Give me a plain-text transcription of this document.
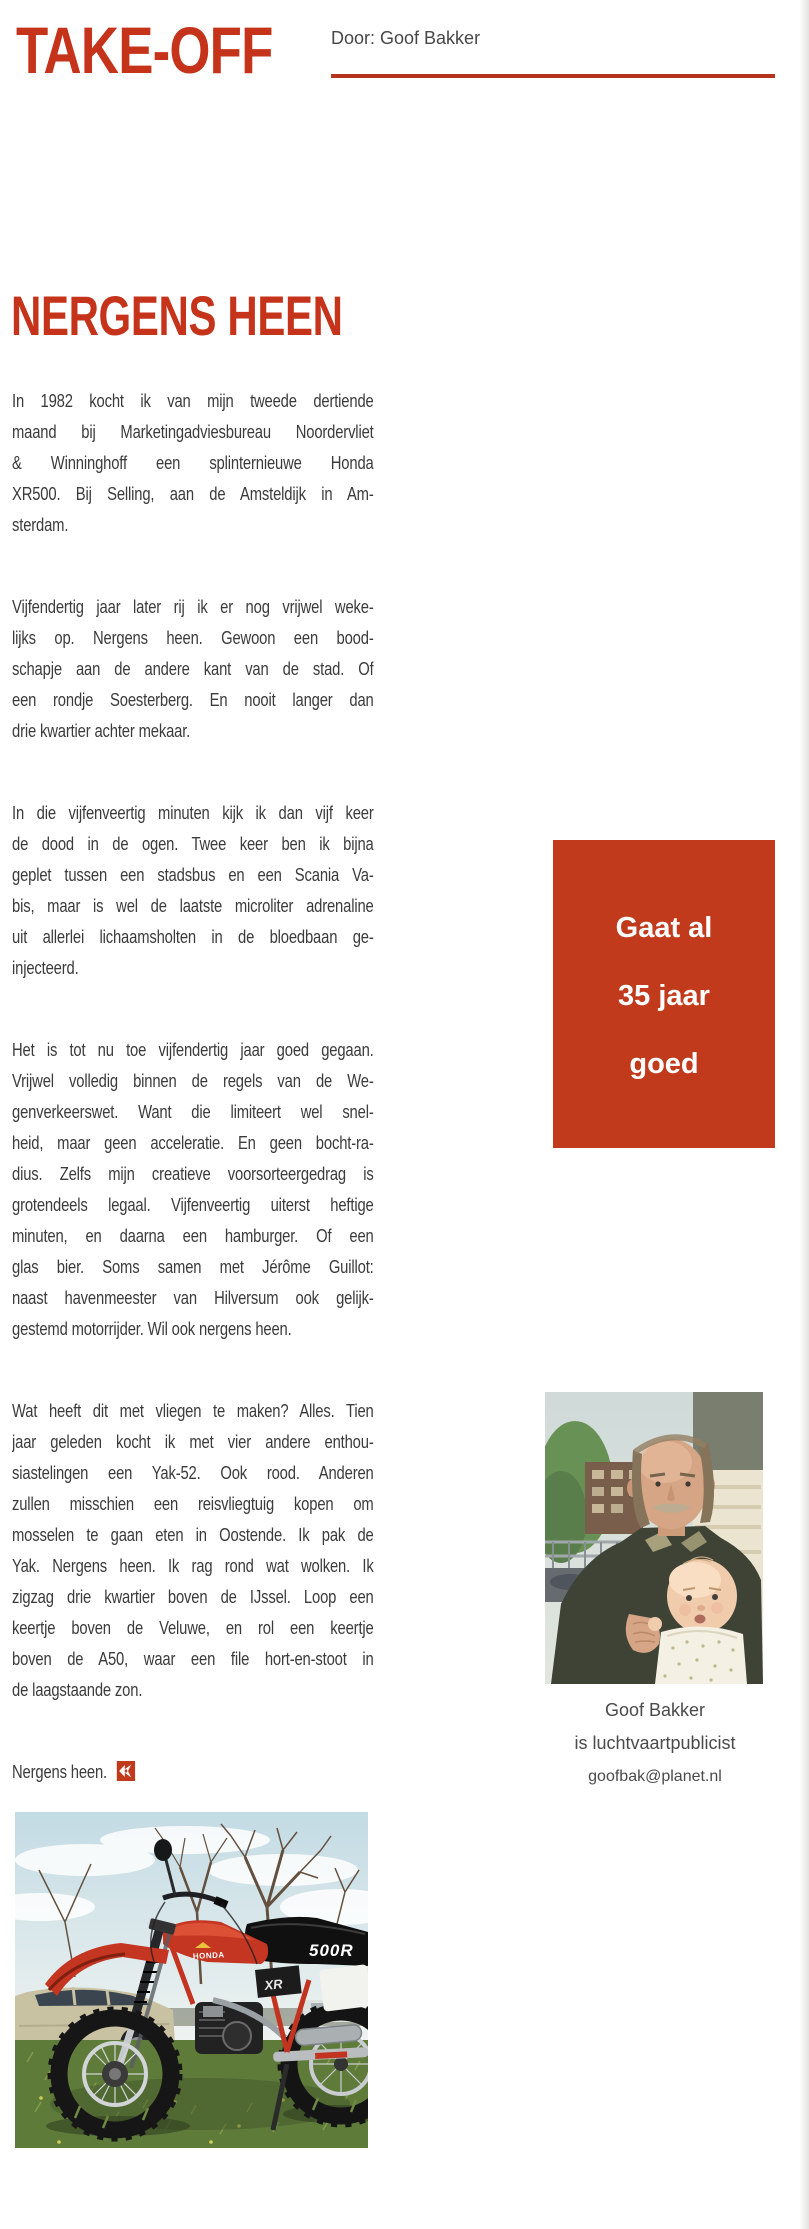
TAKE-OFF	Door: Goof Bakker
NERGENS HEEN
In 1982 kocht ik van mijn tweede dertiende
maand bij Marketingadviesbureau Noordervliet
& Winninghoff een splinternieuwe Honda
XR500. Bij Selling, aan de Amsteldijk in Am-
sterdam.
Vijfendertig jaar later rij ik er nog vrijwel weke-
lijks op. Nergens heen. Gewoon een bood-
schapje aan de andere kant van de stad. Of
een rondje Soesterberg. En nooit langer dan
drie kwartier achter mekaar.
In die vijfenveertig minuten kijk ik dan vijf keer
de dood in de ogen. Twee keer ben ik bijna
geplet tussen een stadsbus en een Scania Va-
bis, maar is wel de laatste microliter adrenaline
uit allerlei lichaamsholten in de bloedbaan ge-
injecteerd.
Het is tot nu toe vijfendertig jaar goed gegaan.
Vrijwel volledig binnen de regels van de We-
genverkeerswet. Want die limiteert wel snel-
heid, maar geen acceleratie. En geen bocht-ra-
dius. Zelfs mijn creatieve voorsorteergedrag is
grotendeels legaal. Vijfenveertig uiterst heftige
minuten, en daarna een hamburger. Of een
glas bier. Soms samen met Jérôme Guillot:
naast havenmeester van Hilversum ook gelijk-
gestemd motorrijder. Wil ook nergens heen.
Wat heeft dit met vliegen te maken? Alles. Tien
jaar geleden kocht ik met vier andere enthou-
siastelingen een Yak-52. Ook rood. Anderen
zullen misschien een reisvliegtuig kopen om
mosselen te gaan eten in Oostende. Ik pak de
Yak. Nergens heen. Ik rag rond wat wolken. Ik
zigzag drie kwartier boven de IJssel. Loop een
keertje boven de Veluwe, en rol een keertje
boven de A50, waar een file hort-en-stoot in
de laagstaande zon.
Nergens heen.
Gaat al
35 jaar
goed
Goof Bakker
is luchtvaartpublicist
goofbak@planet.nl
500R
XR
HONDA
